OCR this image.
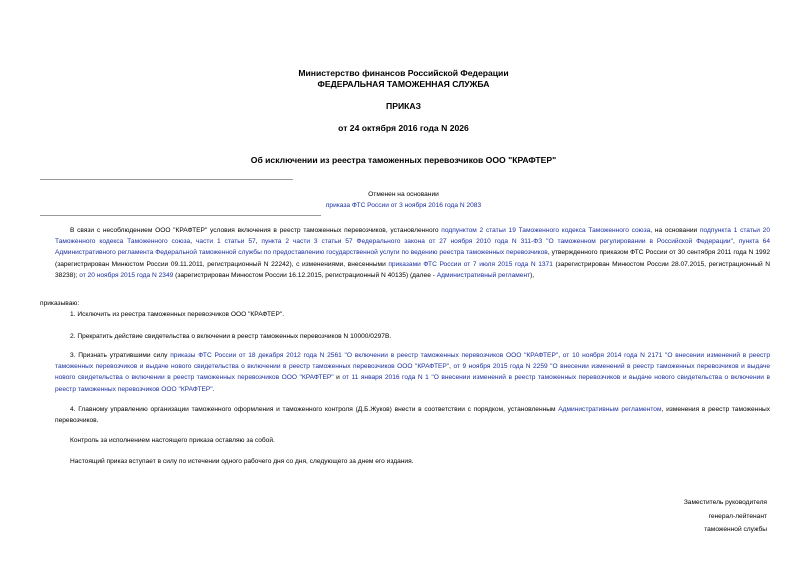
Министерство финансов Российской Федерации
ФЕДЕРАЛЬНАЯ ТАМОЖЕННАЯ СЛУЖБА
ПРИКАЗ
от 24 октября 2016 года N 2026
Об исключении из реестра таможенных перевозчиков ООО "КРАФТЕР"
Отменен на основании
приказа ФТС России от 3 ноября 2016 года N 2083
В связи с несоблюдением ООО "КРАФТЕР" условия включения в реестр таможенных перевозчиков, установленного подпунктом 2 статьи 19 Таможенного кодекса Таможенного союза, на основании подпункта 1 статьи 20 Таможенного кодекса Таможенного союза, части 1 статьи 57, пункта 2 части 3 статьи 57 Федерального закона от 27 ноября 2010 года N 311-ФЗ "О таможенном регулировании в Российской Федерации", пункта 64 Административного регламента Федеральной таможенной службы по предоставлению государственной услуги по ведению реестра таможенных перевозчиков, утвержденного приказом ФТС России от 30 сентября 2011 года N 1992 (зарегистрирован Минюстом России 09.11.2011, регистрационный N 22242), с изменениями, внесенными приказами ФТС России от 7 июля 2015 года N 1371 (зарегистрирован Минюстом России 28.07.2015, регистрационный N 38238); от 20 ноября 2015 года N 2349 (зарегистрирован Минюстом России 16.12.2015, регистрационный N 40135) (далее - Административный регламент),
приказываю:
1. Исключить из реестра таможенных перевозчиков ООО "КРАФТЕР".
2. Прекратить действие свидетельства о включении в реестр таможенных перевозчиков N 10000/0297В.
3. Признать утратившими силу приказы ФТС России от 18 декабря 2012 года N 2561 "О включении в реестр таможенных перевозчиков ООО "КРАФТЕР", от 10 ноября 2014 года N 2171 "О внесении изменений в реестр таможенных перевозчиков и выдаче нового свидетельства о включении в реестр таможенных перевозчиков ООО "КРАФТЕР", от 9 ноября 2015 года N 2259 "О внесении изменений в реестр таможенных перевозчиков и выдаче нового свидетельства о включении в реестр таможенных перевозчиков ООО "КРАФТЕР" и от 11 января 2016 года N 1 "О внесении изменений в реестр таможенных перевозчиков и выдаче нового свидетельства о включении в реестр таможенных перевозчиков ООО "КРАФТЕР".
4. Главному управлению организации таможенного оформления и таможенного контроля (Д.Б.Жуков) внести в соответствии с порядком, установленным Административным регламентом, изменения в реестр таможенных перевозчиков.
Контроль за исполнением настоящего приказа оставляю за собой.
Настоящий приказ вступает в силу по истечении одного рабочего дня со дня, следующего за днем его издания.
Заместитель руководителя
генерал-лейтенант
таможенной службы
